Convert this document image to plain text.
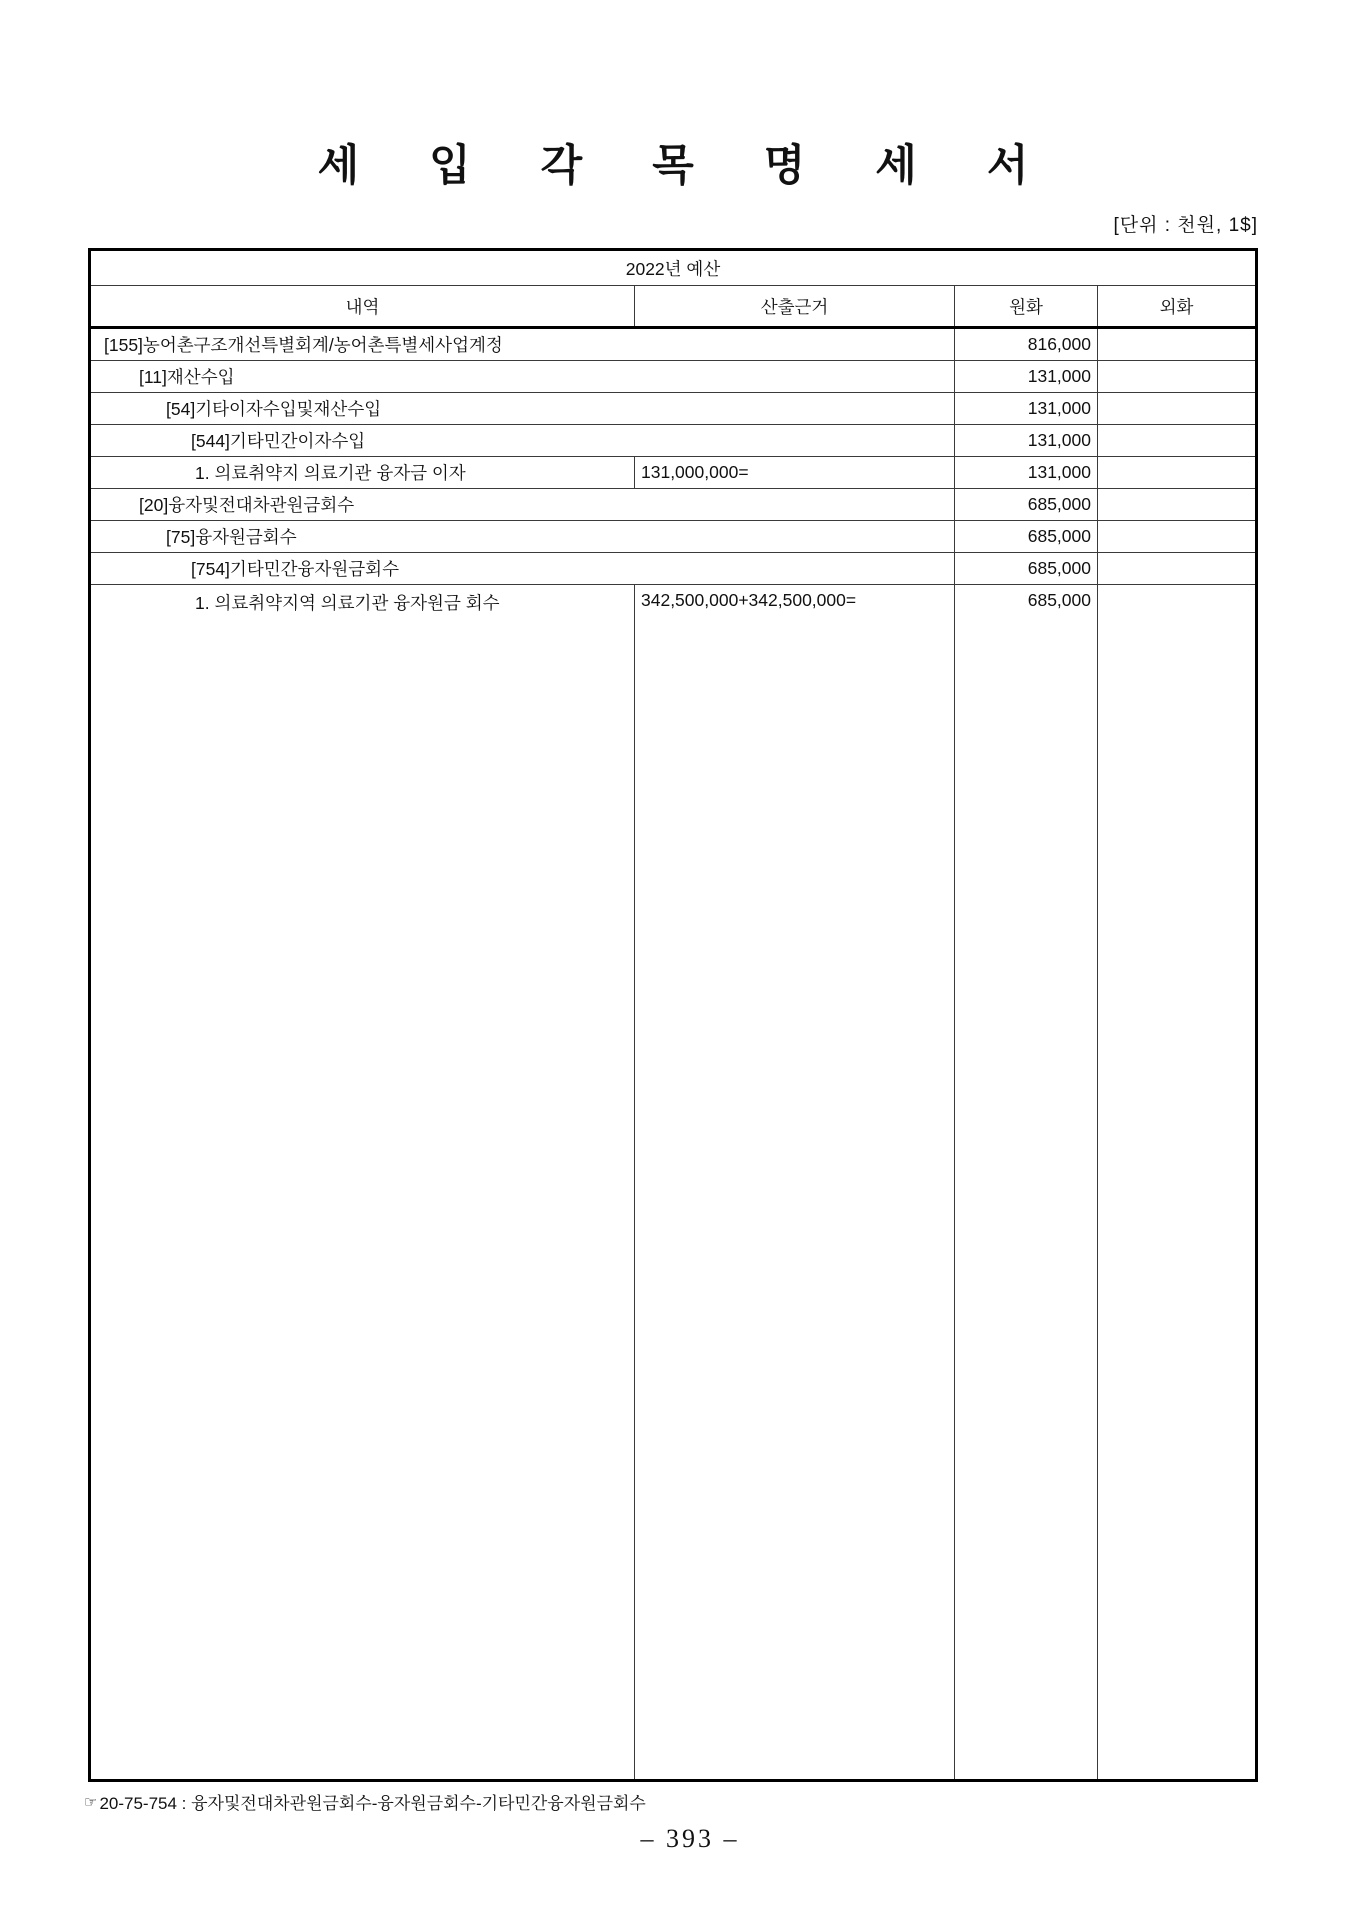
세입각목명세서
[단위 : 천원, 1$]
2022년 예산
내역	산출근거	원화	외화
[155]농어촌구조개선특별회계/농어촌특별세사업계정	816,000
[11]재산수입	131,000
[54]기타이자수입및재산수입	131,000
[544]기타민간이자수입	131,000
1. 의료취약지 의료기관 융자금 이자	131,000,000=	131,000
[20]융자및전대차관원금회수	685,000
[75]융자원금회수	685,000
[754]기타민간융자원금회수	685,000
1. 의료취약지역 의료기관 융자원금 회수	342,500,000+342,500,000=	685,000
☞ 20-75-754 : 융자및전대차관원금회수-융자원금회수-기타민간융자원금회수
– 393 –
